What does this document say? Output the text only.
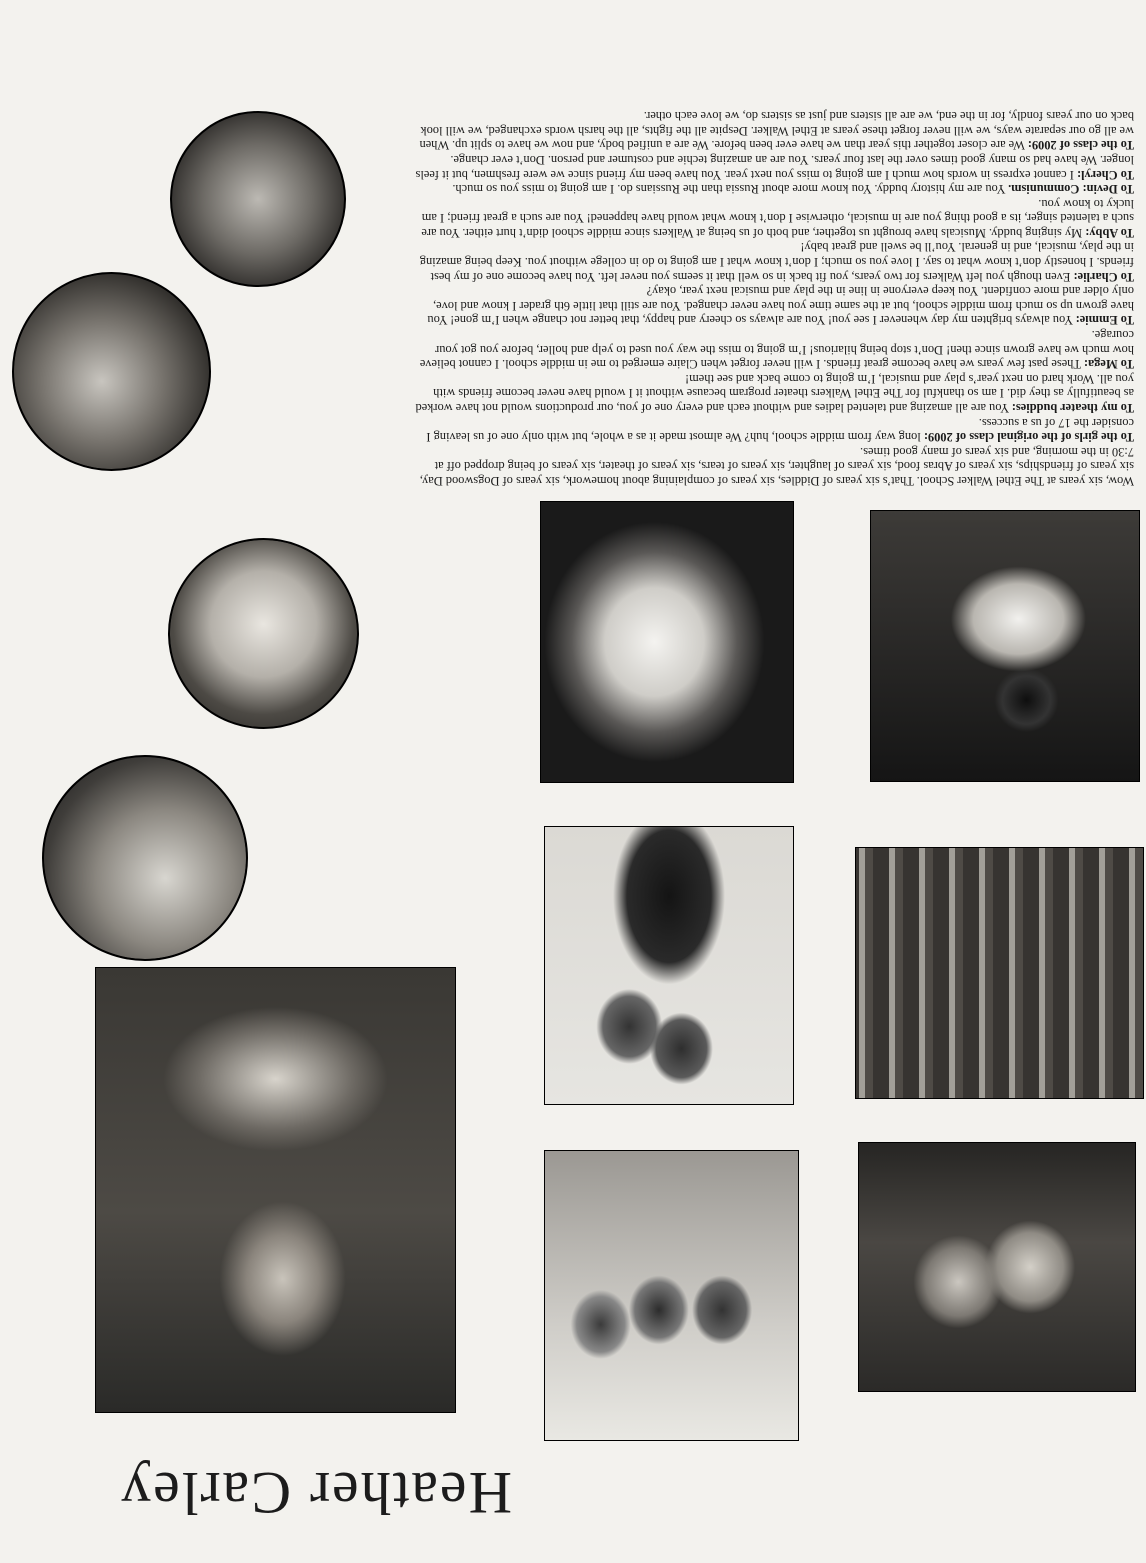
Heather Carley

Wow, six years at The Ethel Walker School. That’s six years of Diddles, six years of complaining about homework, six years of Dogswood Day, six years of friendships, six years of Abras food, six years of laughter, six years of tears, six years of theater, six years of being dropped off at 7:30 in the morning, and six years of many good times.

To the girls of the original class of 2009: long way from middle school, huh? We almost made it as a whole, but with only one of us leaving I consider the 17 of us a success.

To my theater buddies: You are all amazing and talented ladies and without each and every one of you, our productions would not have worked as beautifully as they did. I am so thankful for The Ethel Walkers theater program because without it I would have never become friends with you all. Work hard on next year’s play and musical, I’m going to come back and see them!

To Mega: These past few years we have become great friends. I will never forget when Claire emerged to me in middle school. I cannot believe how much we have grown since then! Don’t stop being hilarious! I’m going to miss the way you used to yelp and holler, before you got your courage.

To Emmie: You always brighten my day whenever I see you! You are always so cheery and happy, that better not change when I’m gone! You have grown up so much from middle school, but at the same time you have never changed. You are still that little 6th grader I know and love, only older and more confident. You keep everyone in line in the play and musical next year, okay?

To Charlie: Even though you left Walkers for two years, you fit back in so well that it seems you never left. You have become one of my best friends. I honestly don’t know what to say. I love you so much; I don’t know what I am going to do in college without you. Keep being amazing in the play, musical, and in general. You’ll be swell and great baby!

To Abby: My singing buddy. Musicals have brought us together, and both of us being at Walkers since middle school didn’t hurt either. You are such a talented singer, its a good thing you are in musical, otherwise I don’t know what would have happened! You are such a great friend; I am lucky to know you.

To Devin: Communism. You are my history buddy. You know more about Russia than the Russians do. I am going to miss you so much.

To Cheryl: I cannot express in words how much I am going to miss you next year. You have been my friend since we were freshmen, but it feels longer. We have had so many good times over the last four years. You are an amazing techie and costumer and person. Don’t ever change.

To the class of 2009: We are closer together this year than we have ever been before. We are a unified body, and now we have to split up. When we all go our separate ways, we will never forget these years at Ethel Walker. Despite all the fights, all the harsh words exchanged, we will look back on our years fondly, for in the end, we are all sisters and just as sisters do, we love each other.
